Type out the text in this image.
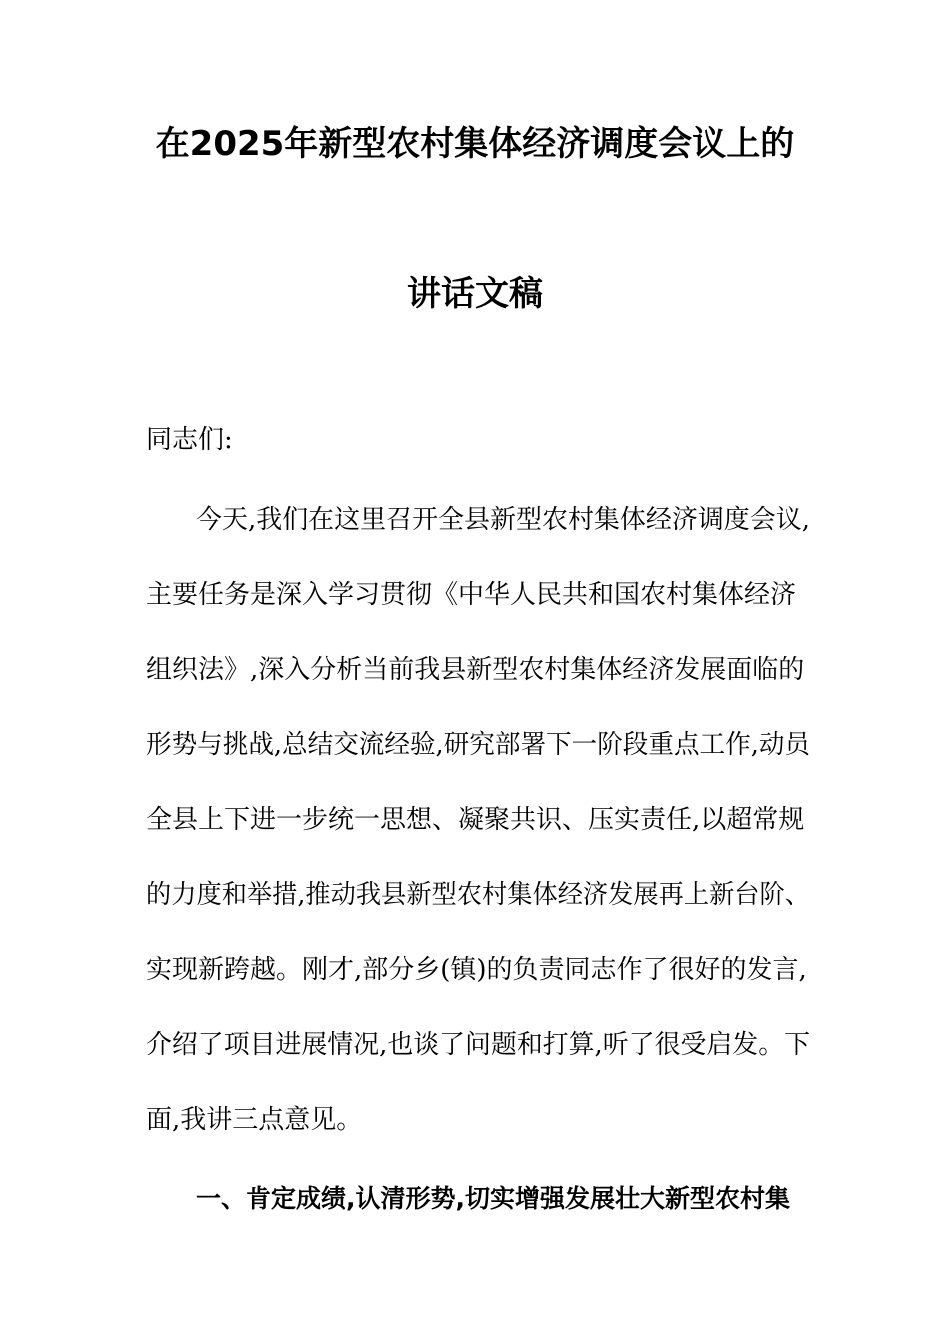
在2025年新型农村集体经济调度会议上的
讲话文稿
同志们:
今天,我们在这里召开全县新型农村集体经济调度会议,
主要任务是深入学习贯彻《中华人民共和国农村集体经济
组织法》,深入分析当前我县新型农村集体经济发展面临的
形势与挑战,总结交流经验,研究部署下一阶段重点工作,动员
全县上下进一步统一思想、凝聚共识、压实责任,以超常规
的力度和举措,推动我县新型农村集体经济发展再上新台阶、
实现新跨越。刚才,部分乡(镇)的负责同志作了很好的发言,
介绍了项目进展情况,也谈了问题和打算,听了很受启发。下
面,我讲三点意见。
一、肯定成绩,认清形势,切实增强发展壮大新型农村集
